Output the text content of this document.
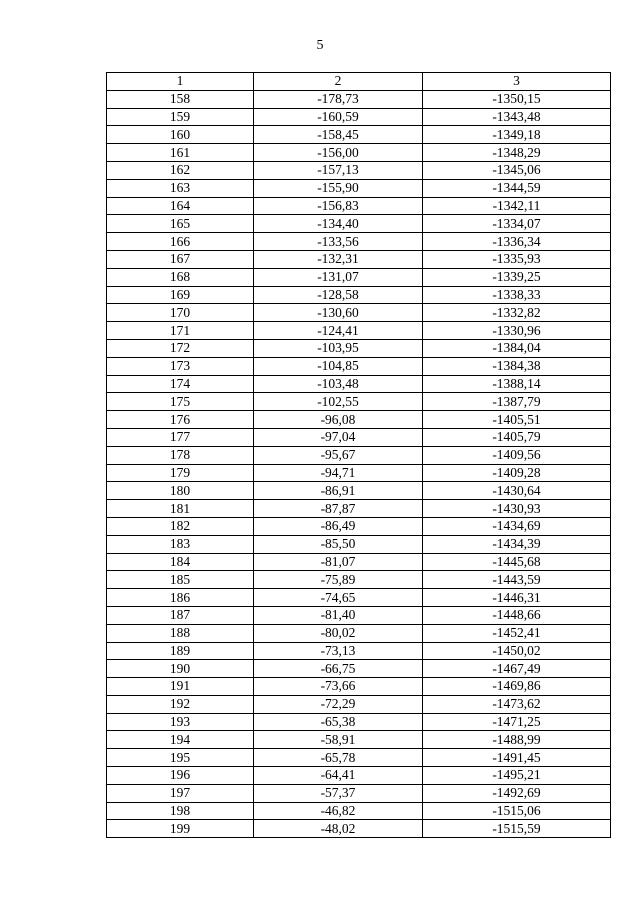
5
1	2	3
158	-178,73	-1350,15
159	-160,59	-1343,48
160	-158,45	-1349,18
161	-156,00	-1348,29
162	-157,13	-1345,06
163	-155,90	-1344,59
164	-156,83	-1342,11
165	-134,40	-1334,07
166	-133,56	-1336,34
167	-132,31	-1335,93
168	-131,07	-1339,25
169	-128,58	-1338,33
170	-130,60	-1332,82
171	-124,41	-1330,96
172	-103,95	-1384,04
173	-104,85	-1384,38
174	-103,48	-1388,14
175	-102,55	-1387,79
176	-96,08	-1405,51
177	-97,04	-1405,79
178	-95,67	-1409,56
179	-94,71	-1409,28
180	-86,91	-1430,64
181	-87,87	-1430,93
182	-86,49	-1434,69
183	-85,50	-1434,39
184	-81,07	-1445,68
185	-75,89	-1443,59
186	-74,65	-1446,31
187	-81,40	-1448,66
188	-80,02	-1452,41
189	-73,13	-1450,02
190	-66,75	-1467,49
191	-73,66	-1469,86
192	-72,29	-1473,62
193	-65,38	-1471,25
194	-58,91	-1488,99
195	-65,78	-1491,45
196	-64,41	-1495,21
197	-57,37	-1492,69
198	-46,82	-1515,06
199	-48,02	-1515,59
